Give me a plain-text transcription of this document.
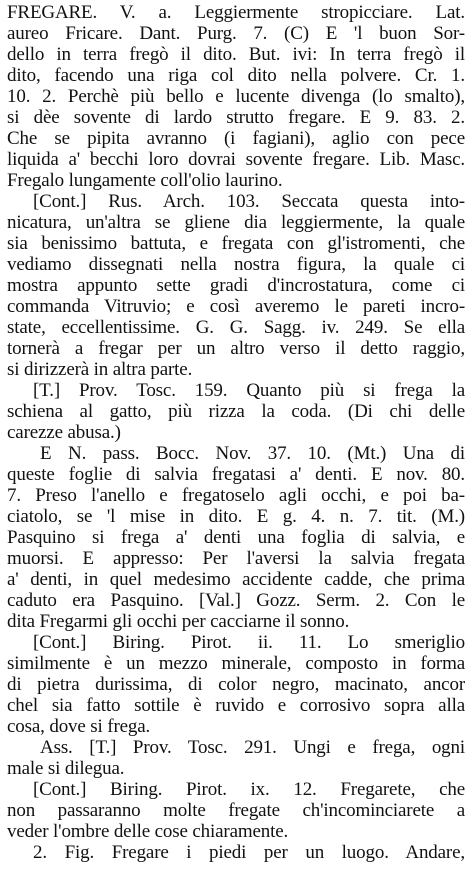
FREGARE. V. a. Leggiermente stropicciare. Lat.
aureo Fricare. Dant. Purg. 7. (C) E 'l buon Sor-
dello in terra fregò il dito. But. ivi: In terra fregò il
dito, facendo una riga col dito nella polvere. Cr. 1.
10. 2. Perchè più bello e lucente divenga (lo smalto),
si dèe sovente di lardo strutto fregare. E 9. 83. 2.
Che se pipita avranno (i fagiani), aglio con pece
liquida a' becchi loro dovrai sovente fregare. Lib. Masc.
Fregalo lungamente coll'olio laurino.
[Cont.] Rus. Arch. 103. Seccata questa into-
nicatura, un'altra se gliene dia leggiermente, la quale
sia benissimo battuta, e fregata con gl'istromenti, che
vediamo dissegnati nella nostra figura, la quale ci
mostra appunto sette gradi d'incrostatura, come ci
commanda Vitruvio; e così averemo le pareti incro-
state, eccellentissime. G. G. Sagg. iv. 249. Se ella
tornerà a fregar per un altro verso il detto raggio,
si dirizzerà in altra parte.
[T.] Prov. Tosc. 159. Quanto più si frega la
schiena al gatto, più rizza la coda. (Di chi delle
carezze abusa.)
E N. pass. Bocc. Nov. 37. 10. (Mt.) Una di
queste foglie di salvia fregatasi a' denti. E nov. 80.
7. Preso l'anello e fregatoselo agli occhi, e poi ba-
ciatolo, se 'l mise in dito. E g. 4. n. 7. tit. (M.)
Pasquino si frega a' denti una foglia di salvia, e
muorsi. E appresso: Per l'aversi la salvia fregata
a' denti, in quel medesimo accidente cadde, che prima
caduto era Pasquino. [Val.] Gozz. Serm. 2. Con le
dita Fregarmi gli occhi per cacciarne il sonno.
[Cont.] Biring. Pirot. ii. 11. Lo smeriglio
similmente è un mezzo minerale, composto in forma
di pietra durissima, di color negro, macinato, ancor
chel sia fatto sottile è ruvido e corrosivo sopra alla
cosa, dove si frega.
Ass. [T.] Prov. Tosc. 291. Ungi e frega, ogni
male si dilegua.
[Cont.] Biring. Pirot. ix. 12. Fregarete, che
non passaranno molte fregate ch'incominciarete a
veder l'ombre delle cose chiaramente.
2. Fig. Fregare i piedi per un luogo. Andare,
